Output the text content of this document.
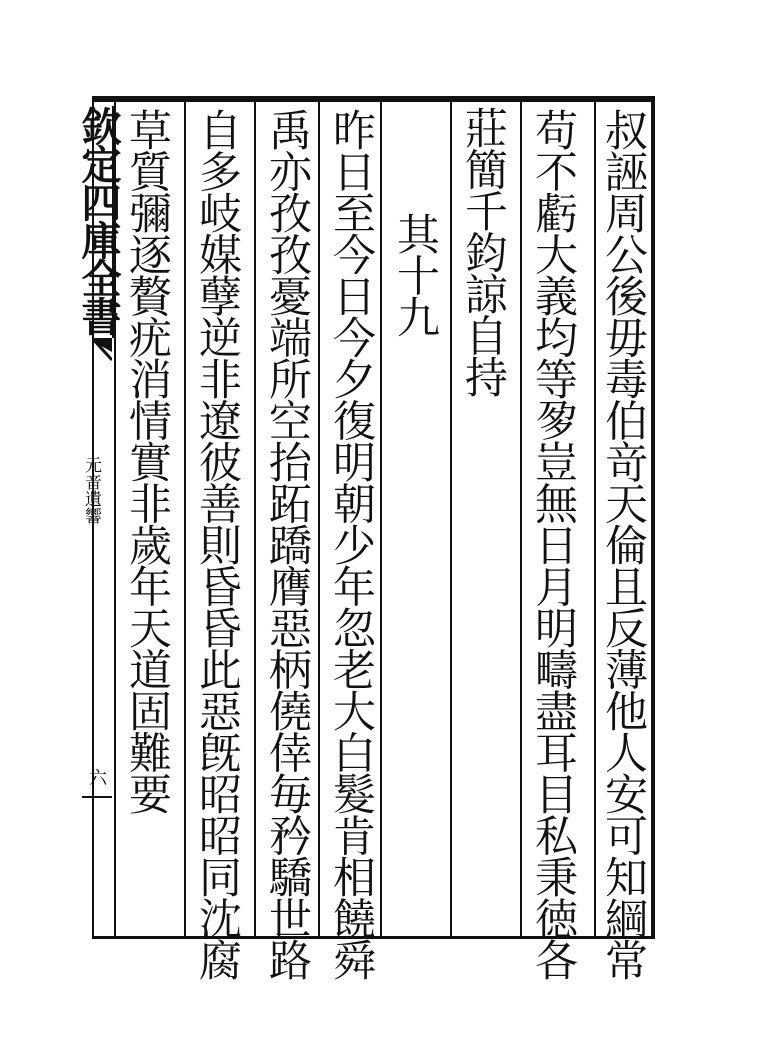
欽定四庫全書
元音遺響
六	叔誣周公後毋毒伯竒天倫且反薄他人安可知綱常
苟不虧大義均等㚉豈無日月明疇盡耳目私秉徳各
莊簡千鈞諒自持
其十九
昨日至今日今夕復明朝少年忽老大白髮肯相饒舜
禹亦孜孜憂端所空抬跖蹻膺惡柄僥倖毎矜驕世路
自多岐媒孽逆非遼彼善則昏昏此惡旣昭昭同沈腐
草質彌逐贅疣消情實非歲年天道固難要
